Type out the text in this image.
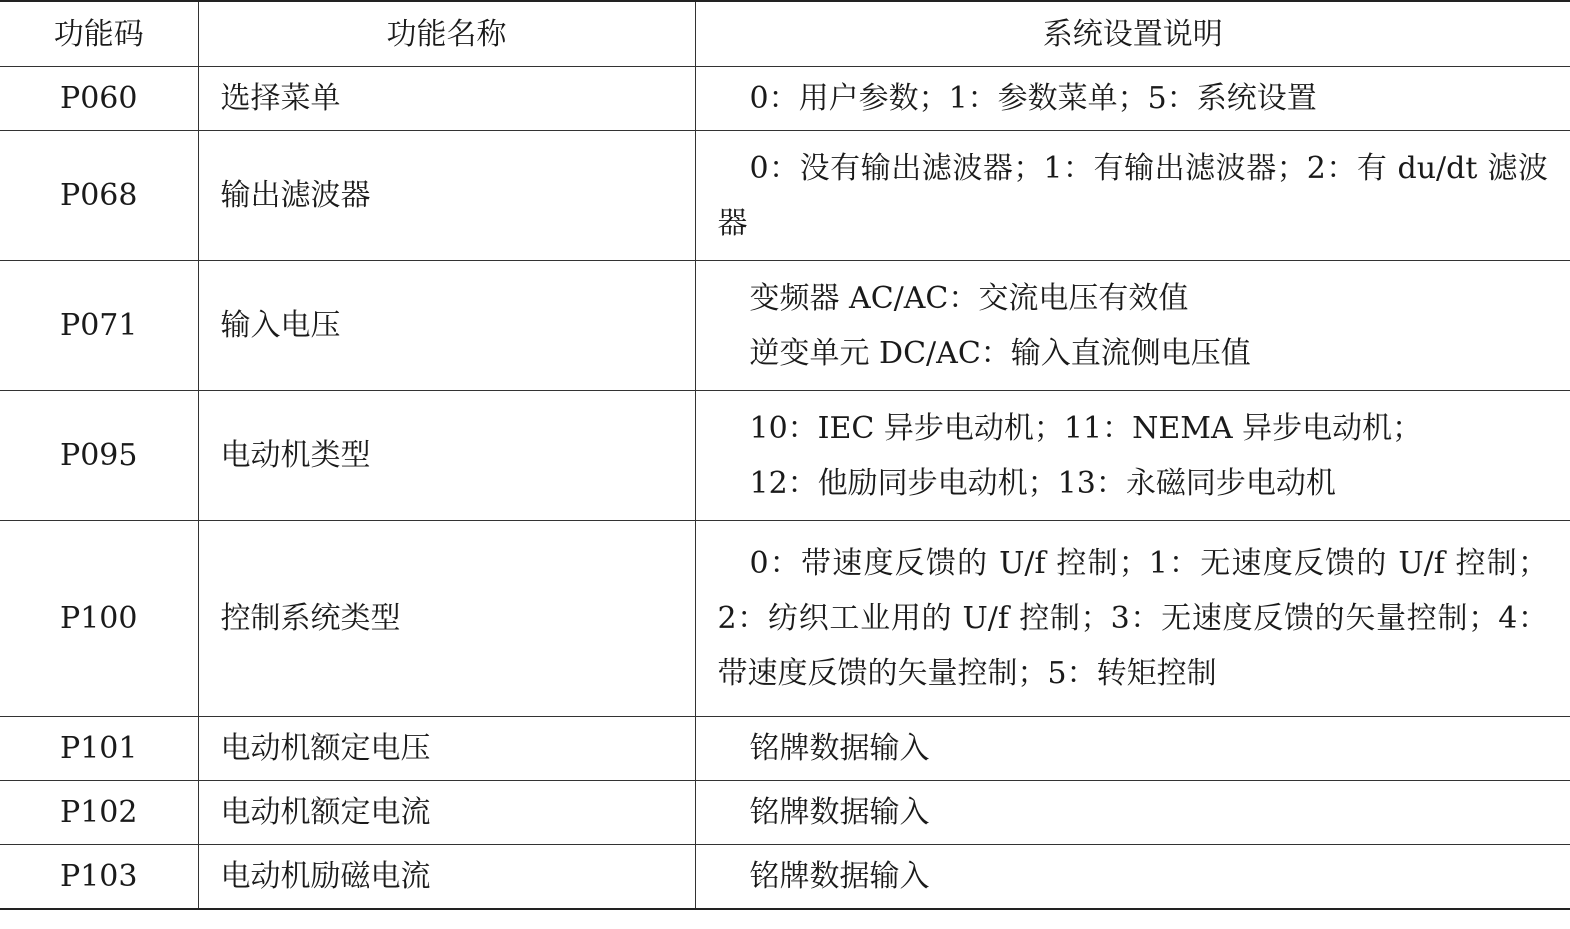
功能码	功能名称	系统设置说明
P060	选择菜单	0：用户参数；1：参数菜单；5：系统设置

P068	输出滤波器	0：没有输出滤波器；1：有输出滤波器；2：有 du/dt 滤波器
P071	输入电压	变频器 AC/AC：交流电压有效值
逆变单元 DC/AC：输入直流侧电压值

P095	电动机类型	10：IEC 异步电动机；11：NEMA 异步电动机；
12：他励同步电动机；13：永磁同步电动机

P100	控制系统类型	0：带速度反馈的 U/f 控制；1：无速度反馈的 U/f 控制；2：纺织工业用的 U/f 控制；3：无速度反馈的矢量控制；4：带速度反馈的矢量控制；5：转矩控制
P101	电动机额定电压	铭牌数据输入

P102	电动机额定电流	铭牌数据输入

P103	电动机励磁电流	铭牌数据输入
